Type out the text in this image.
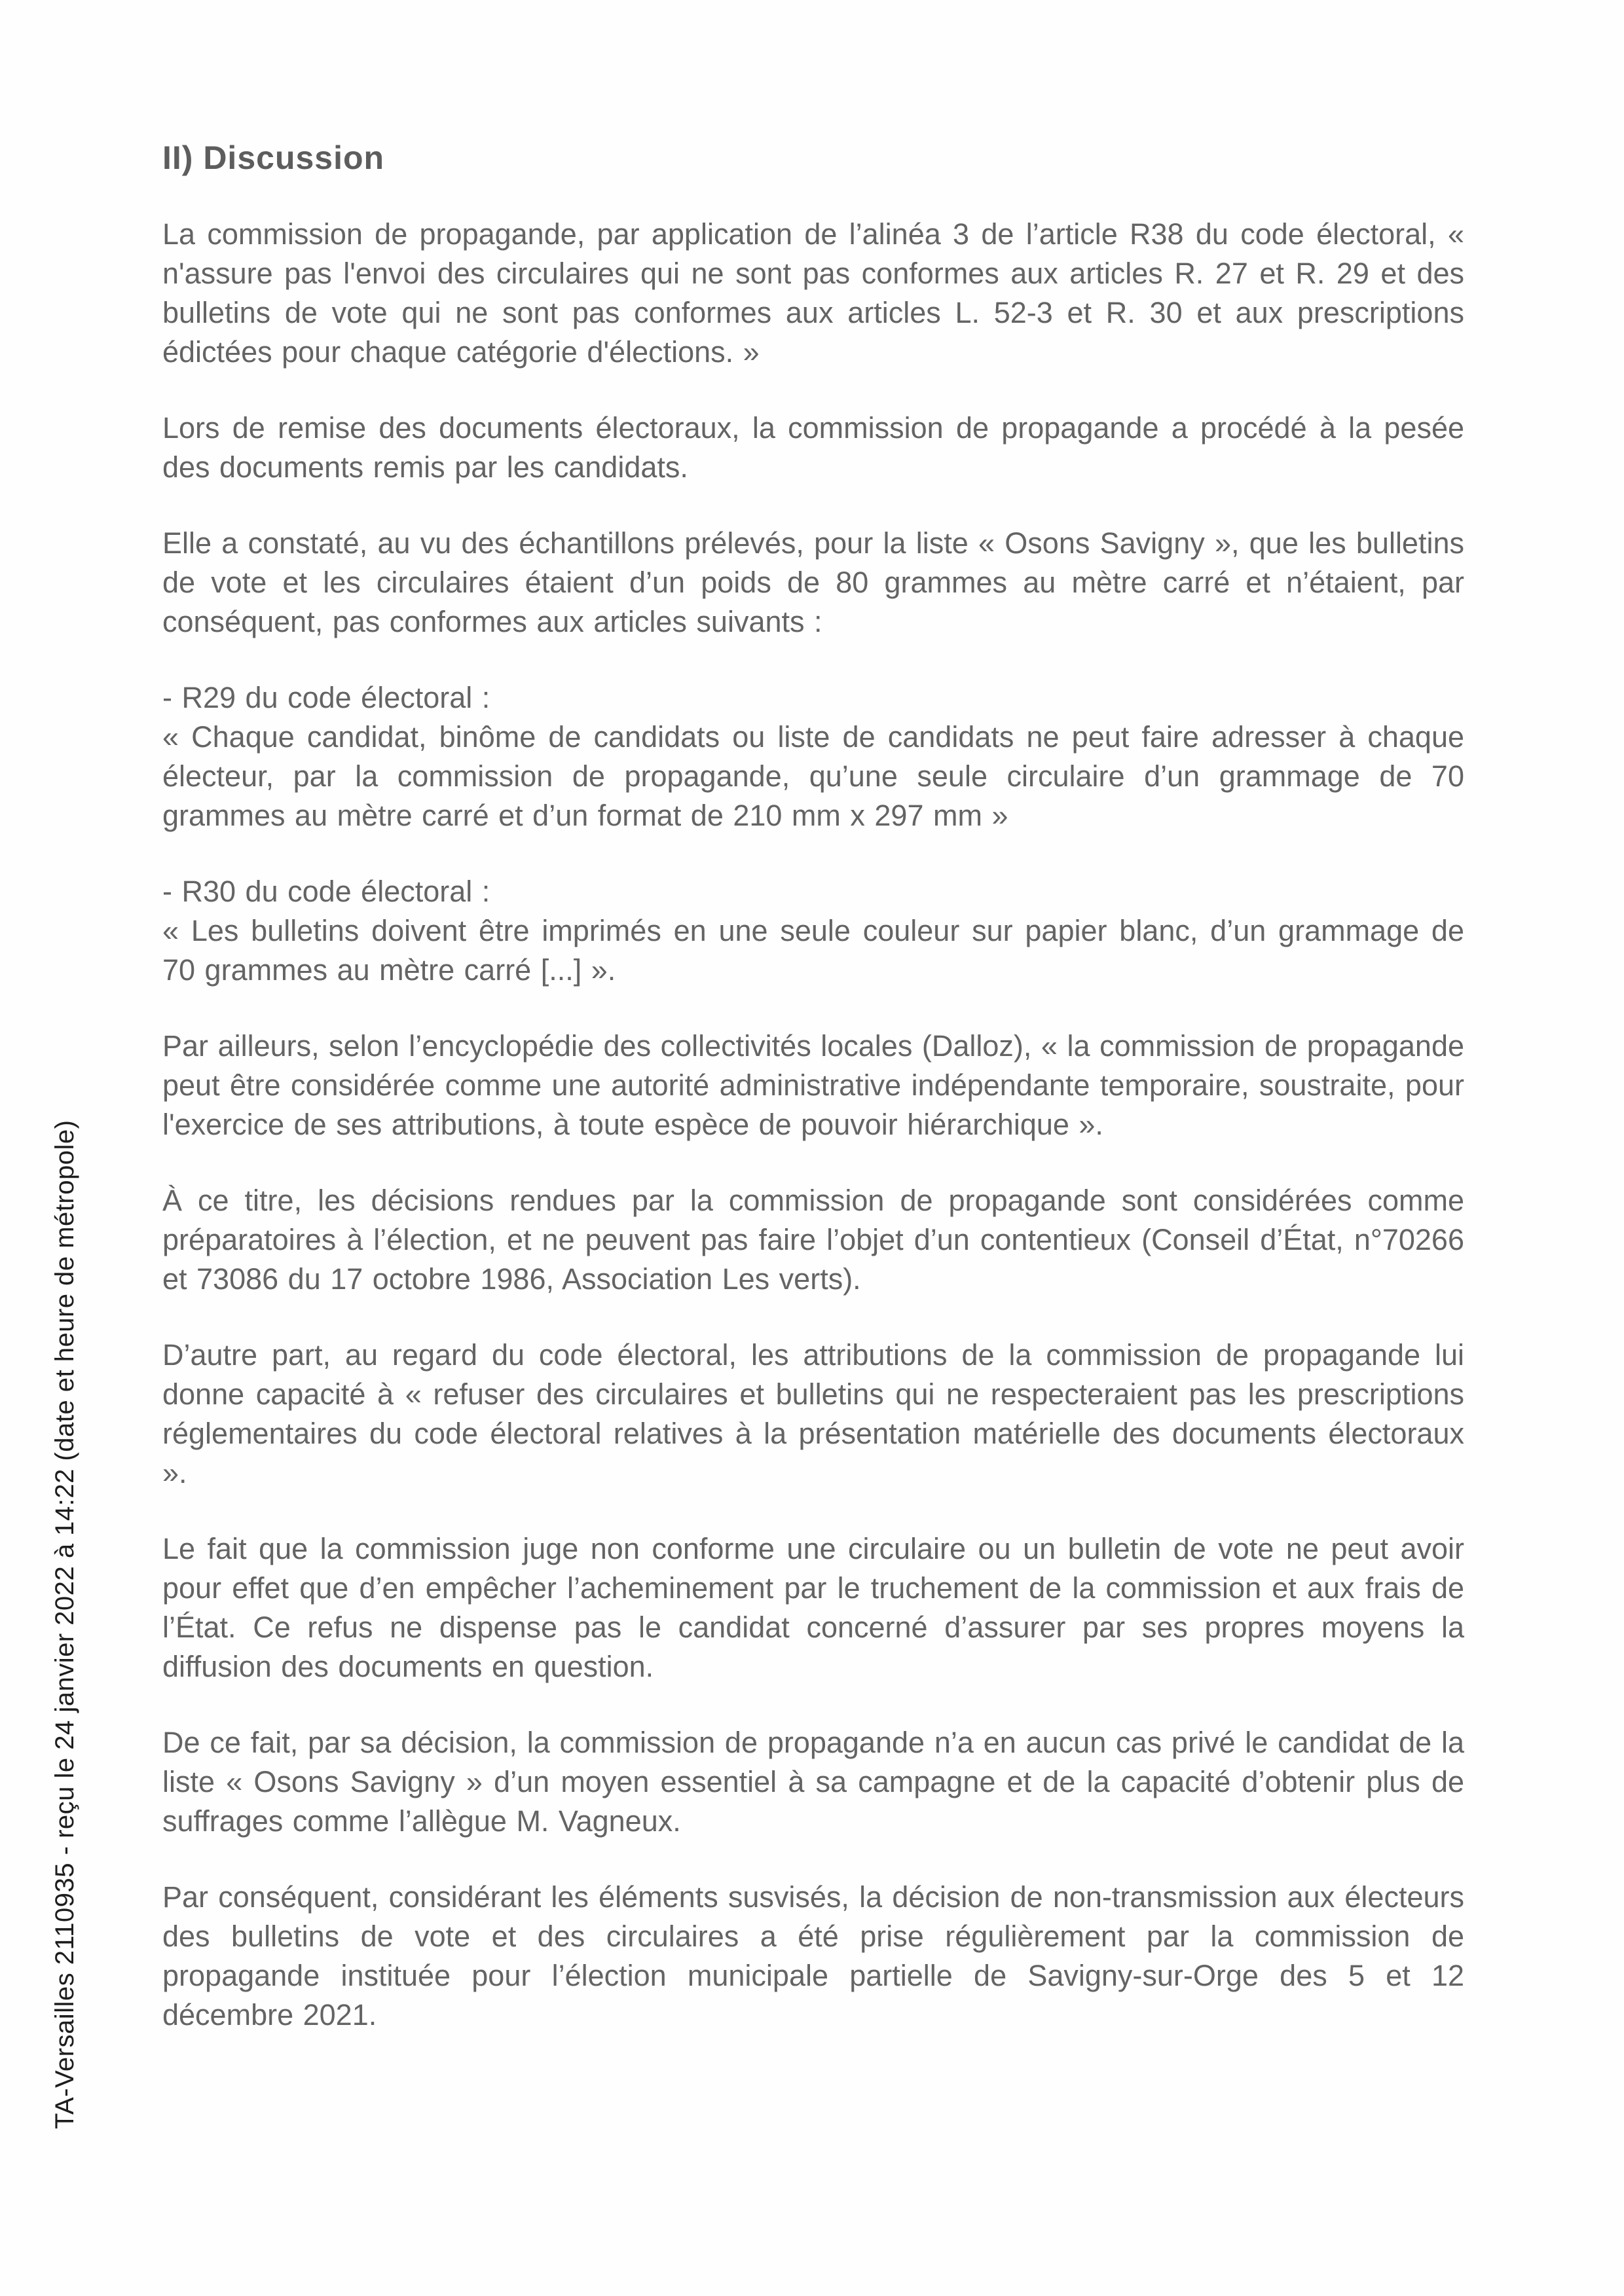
TA-Versailles 2110935 - reçu le 24 janvier 2022 à 14:22 (date et heure de métropole)
II) Discussion

La commission de propagande, par application de l’alinéa 3 de l’article R38 du code électoral, « n'assure pas l'envoi des circulaires qui ne sont pas conformes aux articles R. 27 et R. 29 et des bulletins de vote qui ne sont pas conformes aux articles L. 52-3 et R. 30 et aux prescriptions édictées pour chaque catégorie d'élections. »

Lors de remise des documents électoraux, la commission de propagande a procédé à la pesée des documents remis par les candidats.

Elle a constaté, au vu des échantillons prélevés, pour la liste « Osons Savigny », que les bulletins de vote et les circulaires étaient d’un poids de 80 grammes au mètre carré et n’étaient, par conséquent, pas conformes aux articles suivants :

- R29 du code électoral :

« Chaque candidat, binôme de candidats ou liste de candidats ne peut faire adresser à chaque électeur, par la commission de propagande, qu’une seule circulaire d’un grammage de 70 grammes au mètre carré et d’un format de 210 mm x 297 mm »

- R30 du code électoral :

« Les bulletins doivent être imprimés en une seule couleur sur papier blanc, d’un grammage de 70 grammes au mètre carré [...] ».

Par ailleurs, selon l’encyclopédie des collectivités locales (Dalloz), « la commission de propagande peut être considérée comme une autorité administrative indépendante temporaire, soustraite, pour l'exercice de ses attributions, à toute espèce de pouvoir hiérarchique ».

À ce titre, les décisions rendues par la commission de propagande sont considérées comme préparatoires à l’élection, et ne peuvent pas faire l’objet d’un contentieux (Conseil d’État, n°70266 et 73086 du 17 octobre 1986, Association Les verts).

D’autre part, au regard du code électoral, les attributions de la commission de propagande lui donne capacité à « refuser des circulaires et bulletins qui ne respecteraient pas les prescriptions réglementaires du code électoral relatives à la présentation matérielle des documents électoraux ».

Le fait que la commission juge non conforme une circulaire ou un bulletin de vote ne peut avoir pour effet que d’en empêcher l’acheminement par le truchement de la commission et aux frais de l’État. Ce refus ne dispense pas le candidat concerné d’assurer par ses propres moyens la diffusion des documents en question.

De ce fait, par sa décision, la commission de propagande n’a en aucun cas privé le candidat de la liste « Osons Savigny » d’un moyen essentiel à sa campagne et de la capacité d’obtenir plus de suffrages comme l’allègue M. Vagneux.

Par conséquent, considérant les éléments susvisés, la décision de non-transmission aux électeurs des bulletins de vote et des circulaires a été prise régulièrement par la commission de propagande instituée pour l’élection municipale partielle de Savigny-sur-Orge des 5 et 12 décembre 2021.
